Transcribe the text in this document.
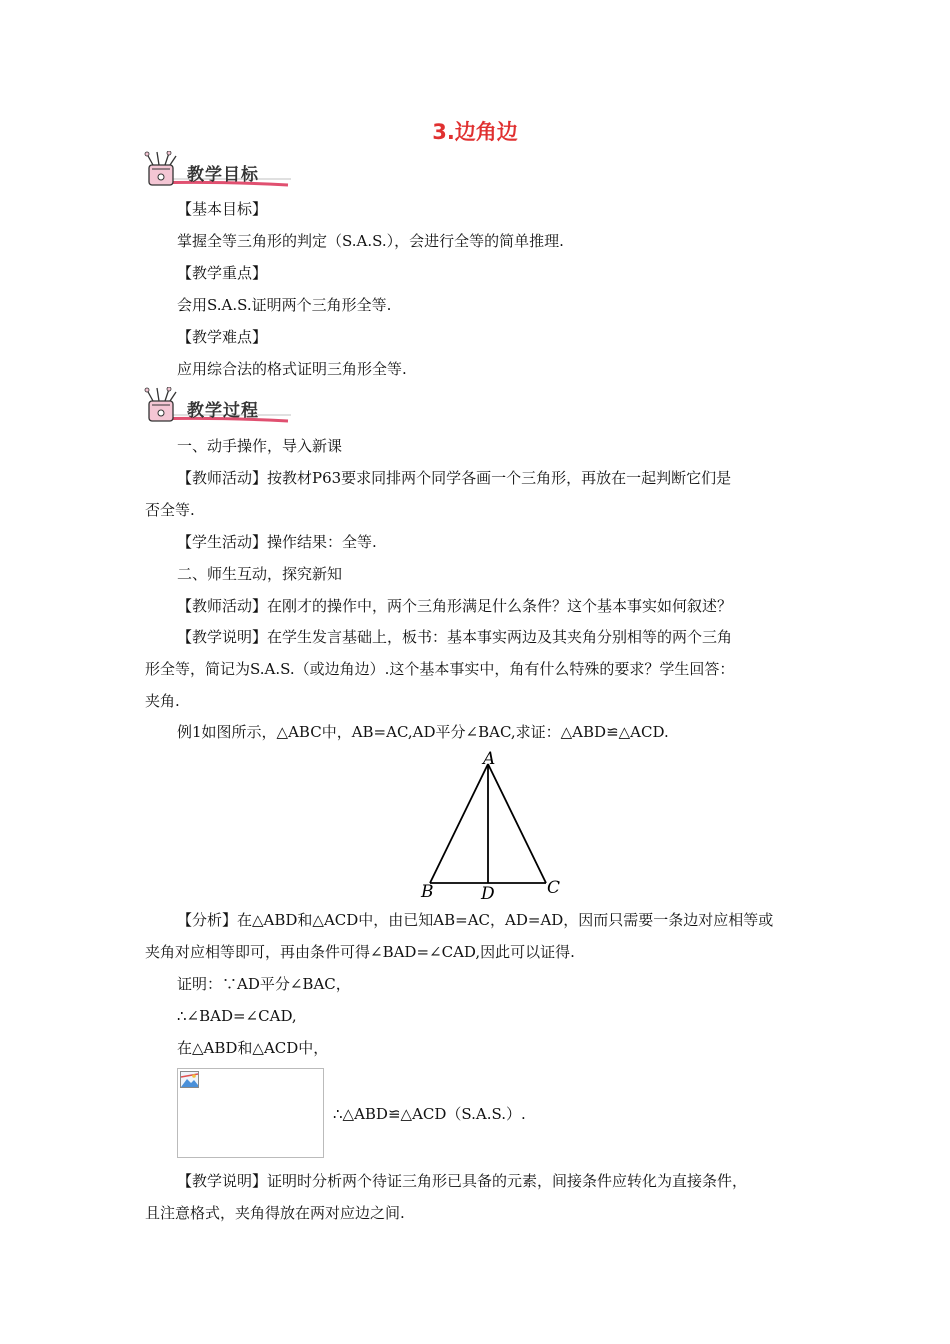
3.边角边
教学目标
【基本目标】
掌握全等三角形的判定（S.A.S.），会进行全等的简单推理.
【教学重点】
会用S.A.S.证明两个三角形全等.
【教学难点】
应用综合法的格式证明三角形全等.
教学过程
一、动手操作，导入新课
【教师活动】按教材P63要求同排两个同学各画一个三角形，再放在一起判断它们是
否全等.
【学生活动】操作结果：全等.
二、师生互动，探究新知
【教师活动】在刚才的操作中，两个三角形满足什么条件？这个基本事实如何叙述？
【教学说明】在学生发言基础上，板书：基本事实两边及其夹角分别相等的两个三角
形全等，简记为S.A.S.（或边角边）.这个基本事实中，角有什么特殊的要求？学生回答：
夹角.
例1如图所示，△ABC中，AB=AC,AD平分∠BAC,求证：△ABD≌△ACD.
A
B	D	C
【分析】在△ABD和△ACD中，由已知AB=AC，AD=AD，因而只需要一条边对应相等或
夹角对应相等即可，再由条件可得∠BAD=∠CAD,因此可以证得.
证明：∵AD平分∠BAC，
∴∠BAD=∠CAD,
在△ABD和△ACD中，
∴△ABD≌△ACD（S.A.S.）.
【教学说明】证明时分析两个待证三角形已具备的元素，间接条件应转化为直接条件，
且注意格式，夹角得放在两对应边之间.
